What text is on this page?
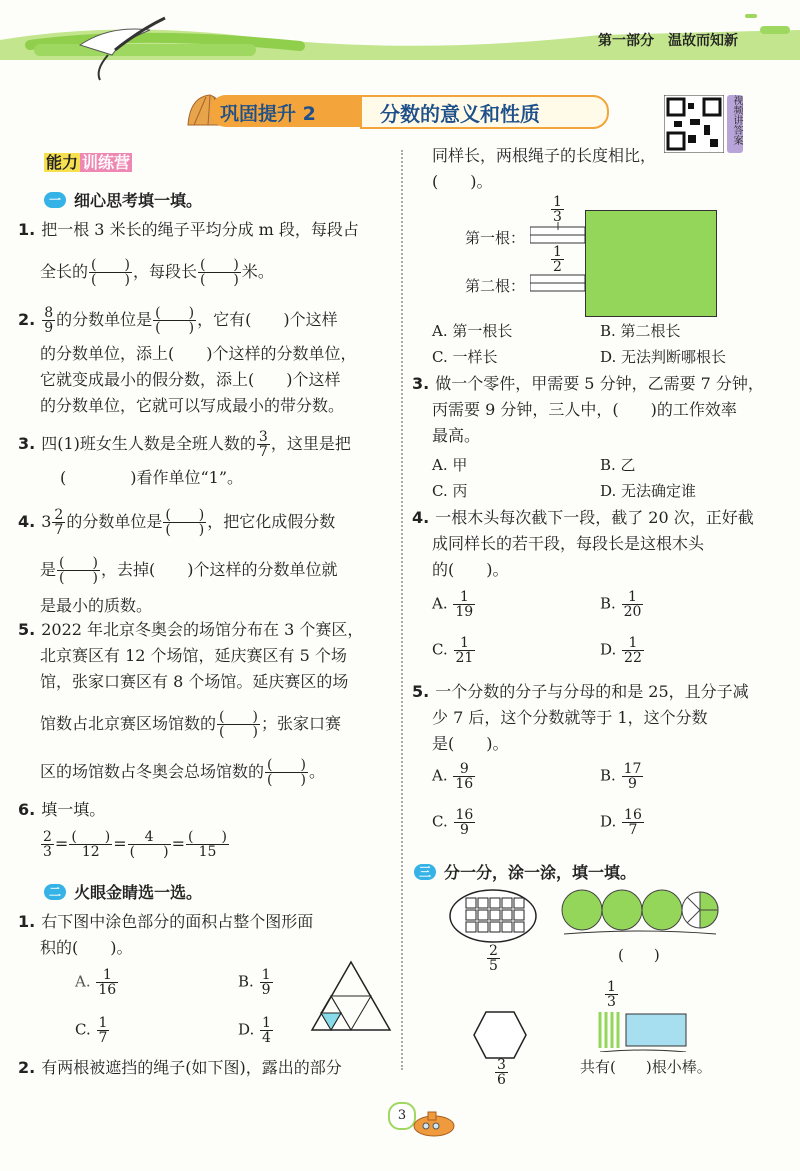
第一部分　温故而知新
巩固提升 2	分数的意义和性质	视频讲答案
能力 训练营
一 细心思考填一填。
1. 把一根 3 米长的绳子平均分成 m 段，每段占
全长的 (　　)
(　　) ，每段长 (　　)
(　　) 米。
2. $\frac{8}{9}$ 的分数单位是 (　　)
(　　) ，它有(　　)个这样
的分数单位，添上(　　)个这样的分数单位，
它就变成最小的假分数，添上(　　)个这样
的分数单位，它就可以写成最小的带分数。
3. 四(1)班女生人数是全班人数的 $\frac{3}{7}$ ，这里是把
(　　　　)看作单位“1”。
4. $3 \frac{2}{7}$ 的分数单位是 (　　)
(　　) ，把它化成假分数
是 (　　)
(　　) ，去掉(　　)个这样的分数单位就
是最小的质数。
5. 2022 年北京冬奥会的场馆分布在 3 个赛区，
北京赛区有 12 个场馆，延庆赛区有 5 个场
馆，张家口赛区有 8 个场馆。延庆赛区的场
馆数占北京赛区场馆数的 (　　)
(　　) ；张家口赛
区的场馆数占冬奥会总场馆数的 (　　)
(　　) 。
6. 填一填。
$\frac{2}{3}$ = (　　)
12 =	4
(　　) = (　　)
15
二 火眼金睛选一选。
1. 右下图中涂色部分的面积占整个图形面
积的(　　)。
A. $\frac{1}{16}$	B. $\frac{1}{9}$
C. $\frac{1}{7}$	D. $\frac{1}{4}$
2. 有两根被遮挡的绳子(如下图)，露出的部分
同样长，两根绳子的长度相比，
(　　)。
$\frac{1}{3}$
第一根：
$\frac{1}{2}$
第二根：
A. 第一根长	B. 第二根长
C. 一样长	D. 无法判断哪根长
3. 做一个零件，甲需要 5 分钟，乙需要 7 分钟，
丙需要 9 分钟，三人中，(　　)的工作效率
最高。
A. 甲	B. 乙
C. 丙	D. 无法确定谁
4. 一根木头每次截下一段，截了 20 次，正好截
成同样长的若干段，每段长是这根木头
的(　　)。
A. $\frac{1}{19}$	B. $\frac{1}{20}$
C. $\frac{1}{21}$	D. $\frac{1}{22}$
5. 一个分数的分子与分母的和是 25，且分子减
少 7 后，这个分数就等于 1，这个分数
是(　　)。
A. $\frac{9}{16}$	B. $\frac{17}{9}$
C. $\frac{16}{9}$	D. $\frac{16}{7}$
三 分一分，涂一涂，填一填。
$\frac{2}{5}$	(　　)
$\frac{3}{6}$
$\frac{1}{3}$
共有(　　)根小棒。
3
